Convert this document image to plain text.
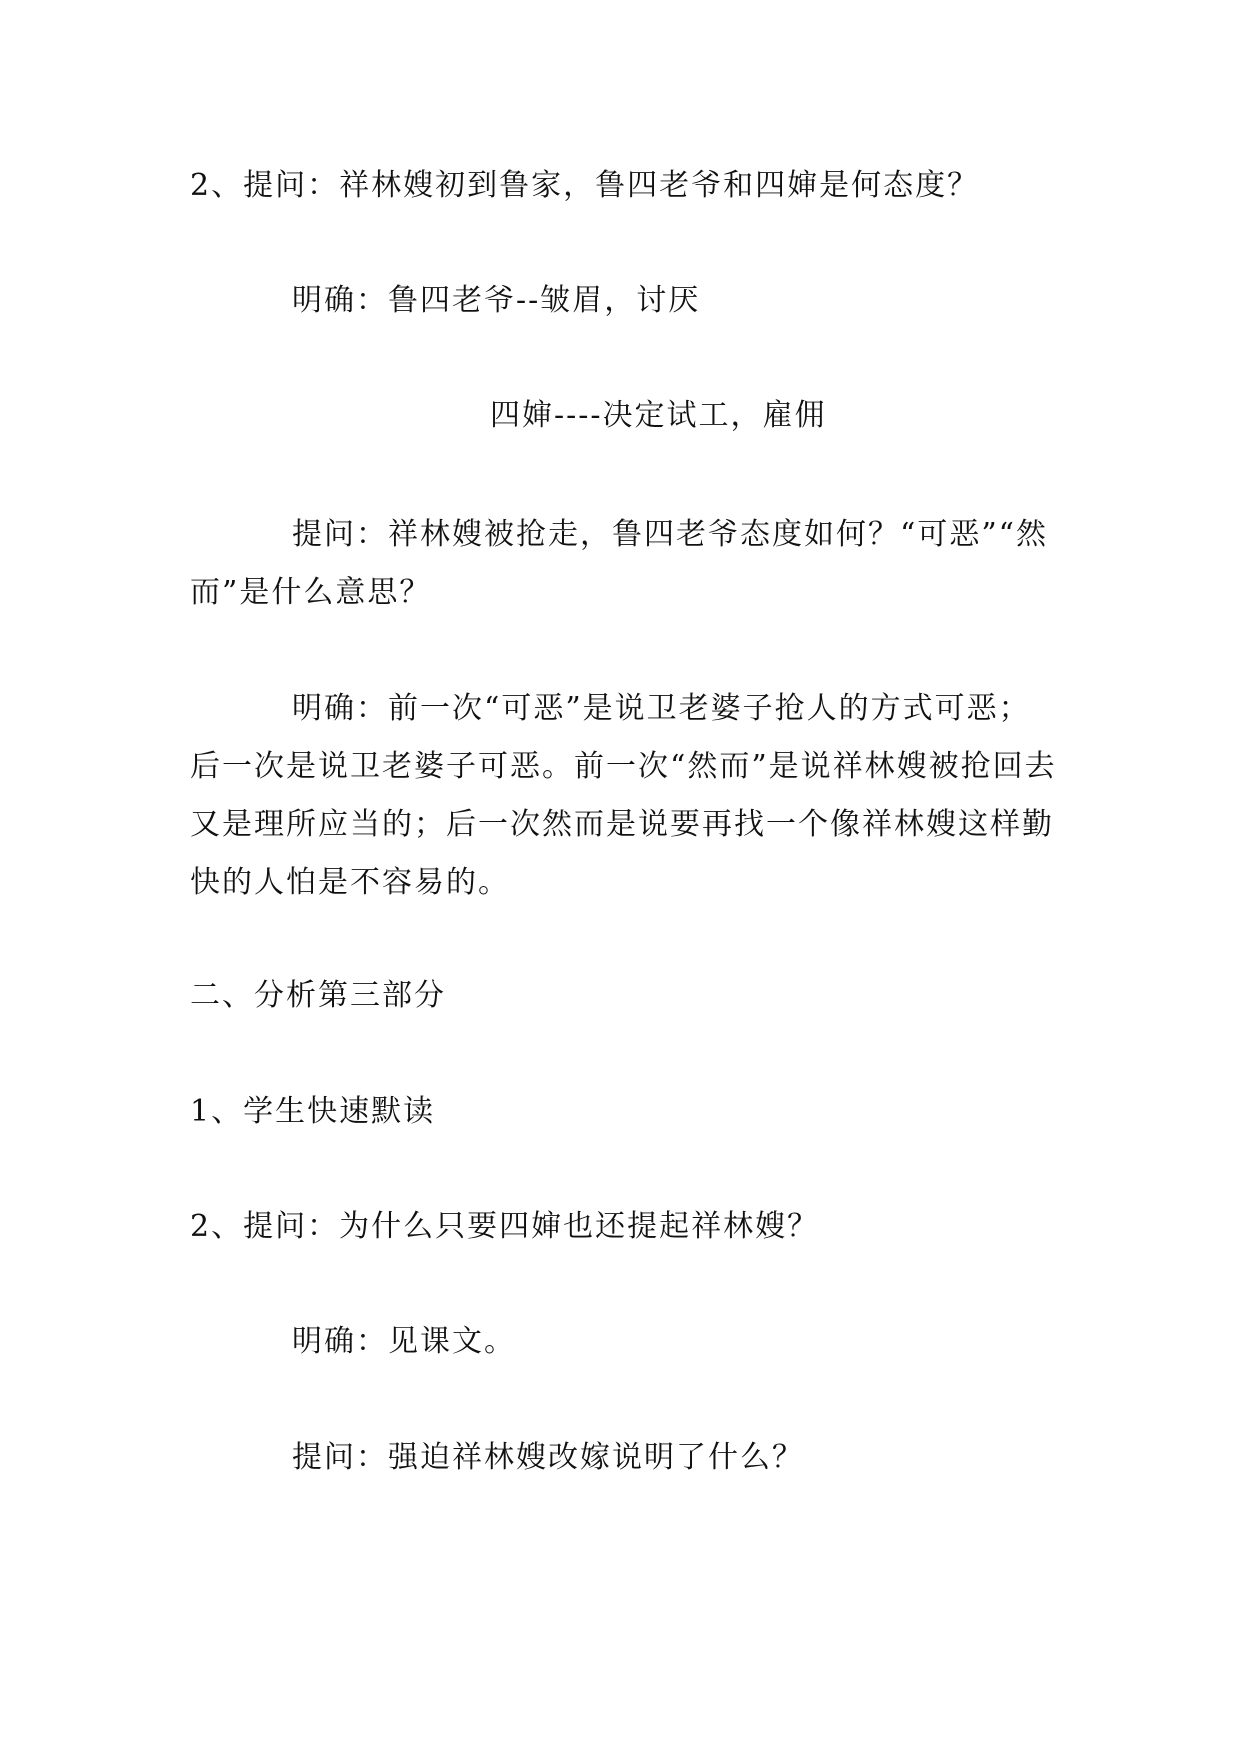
2、提问：祥林嫂初到鲁家，鲁四老爷和四婶是何态度？
明确：鲁四老爷--皱眉，讨厌
四婶----决定试工，雇佣
提问：祥林嫂被抢走，鲁四老爷态度如何？“可恶”“然而”是什么意思？
明确：前一次“可恶”是说卫老婆子抢人的方式可恶；后一次是说卫老婆子可恶。前一次“然而”是说祥林嫂被抢回去又是理所应当的；后一次然而是说要再找一个像祥林嫂这样勤快的人怕是不容易的。
二、分析第三部分
1、学生快速默读
2、提问：为什么只要四婶也还提起祥林嫂？
明确：见课文。
提问：强迫祥林嫂改嫁说明了什么？
